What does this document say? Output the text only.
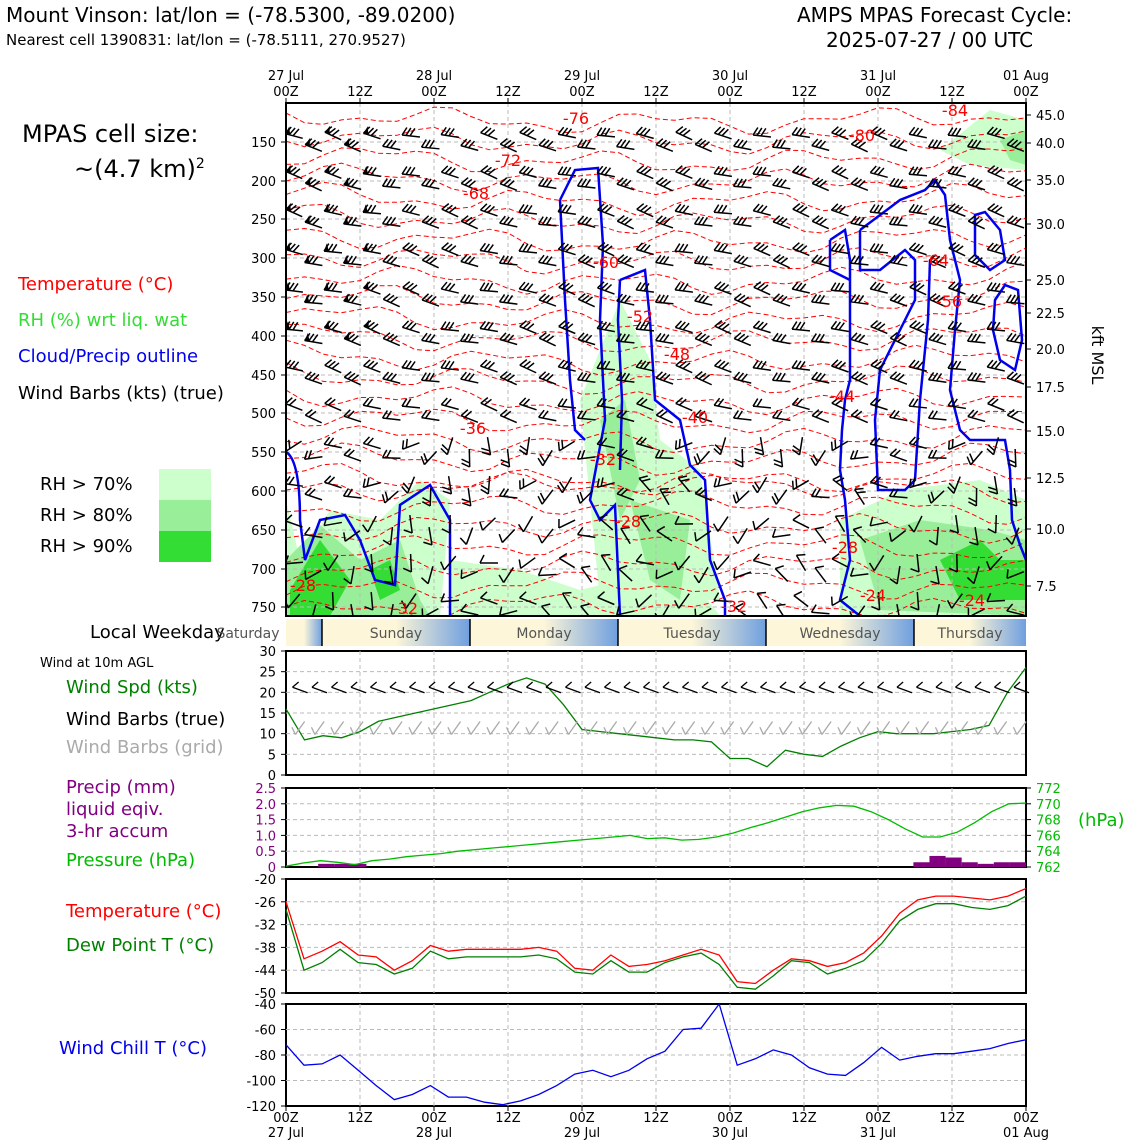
Mount Vinson: lat/lon = (-78.5300, -89.0200)
Nearest cell 1390831: lat/lon = (-78.5111, 270.9527)
AMPS MPAS Forecast Cycle:
2025-07-27 / 00 UTC
MPAS cell size:
~(4.7 km)$^2$
Temperature (°C)
RH (%) wrt liq. wat
Cloud/Precip outline
Wind Barbs (kts) (true)
RH > 70%
RH > 80%
RH > 90%
Local Weekday
Wind at 10m AGL
Wind Spd (kts)
Wind Barbs (true)
Wind Barbs (grid)
Precip (mm)
liquid eqiv.
3-hr accum
Pressure (hPa)
(hPa)
Temperature (°C)
Dew Point T (°C)
Wind Chill T (°C)
-76	-84
-80
-72
-68
-60	-64
-56
-52
-48
-44
-40
-36
-32
-28
-28
-28
-24	-24
-32	-32
150
200
250
300
350
400
450
500
550
600
650
700
750
45.0
40.0
35.0
30.0
25.0
22.5
20.0
17.5
15.0
12.5
10.0
7.5
00Z
27 Jul
12Z	00Z
28 Jul
12Z	00Z
29 Jul
12Z	00Z
30 Jul
12Z	00Z
31 Jul
12Z	00Z
01 Aug
kft MSL
Saturday	Sunday	Monday	Tuesday	Wednesday	Thursday
0
5
10
15
20
25
30
0
0.5
1.0
1.5
2.0
2.5
762
764
766
768
770
772
-20
-26
-32
-38
-44
-50
-40
-60
-80
-100
-120
00Z
27 Jul
12Z	00Z
28 Jul
12Z	00Z
29 Jul
12Z	00Z
30 Jul
12Z	00Z
31 Jul
12Z	00Z
01 Aug
